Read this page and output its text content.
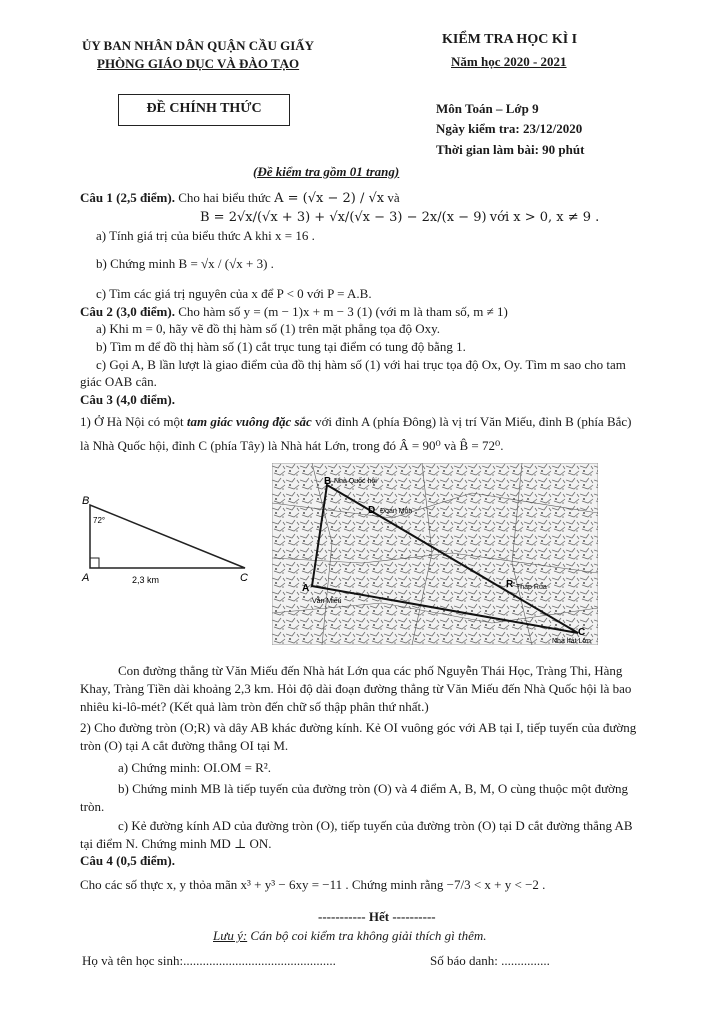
ỦY BAN NHÂN DÂN QUẬN CẦU GIẤY
PHÒNG GIÁO DỤC VÀ ĐÀO TẠO
KIỂM TRA HỌC KÌ I
Năm học 2020 - 2021
ĐỀ CHÍNH THỨC	Môn Toán – Lớp 9
Ngày kiểm tra: 23/12/2020
Thời gian làm bài: 90 phút
(Đề kiểm tra gồm 01 trang)
Câu 1 (2,5 điểm). Cho hai biểu thức A = (√x − 2) / √x và
B = 2√x/(√x + 3) + √x/(√x − 3) − 2x/(x − 9) với x > 0, x ≠ 9 .
a) Tính giá trị của biểu thức A khi x = 16 .
b) Chứng minh B = √x / (√x + 3) .
c) Tìm các giá trị nguyên của x để P < 0 với P = A.B.
Câu 2 (3,0 điểm). Cho hàm số y = (m − 1)x + m − 3 (1) (với m là tham số, m ≠ 1)
a) Khi m = 0, hãy vẽ đồ thị hàm số (1) trên mặt phẳng tọa độ Oxy.
b) Tìm m để đồ thị hàm số (1) cắt trục tung tại điểm có tung độ bằng 1.
c) Gọi A, B lần lượt là giao điểm của đồ thị hàm số (1) với hai trục tọa độ Ox, Oy. Tìm m sao cho tam giác OAB cân.
Câu 3 (4,0 điểm).
1) Ở Hà Nội có một tam giác vuông đặc sắc với đỉnh A (phía Đông) là vị trí Văn Miếu, đỉnh B (phía Bắc) là Nhà Quốc hội, đỉnh C (phía Tây) là Nhà hát Lớn, trong đó Â = 90⁰ và B̂ = 72⁰.
B
72°
A	C
2,3 km
B Nhà Quốc hội
D Đoan Môn
R Tháp Rùa
A
Văn Miếu
C
Nhà hát Lớn
Con đường thẳng từ Văn Miếu đến Nhà hát Lớn qua các phố Nguyễn Thái Học, Tràng Thi, Hàng Khay, Tràng Tiền dài khoảng 2,3 km. Hỏi độ dài đoạn đường thẳng từ Văn Miếu đến Nhà Quốc hội là bao nhiêu ki-lô-mét? (Kết quả làm tròn đến chữ số thập phân thứ nhất.)
2) Cho đường tròn (O;R) và dây AB khác đường kính. Kẻ OI vuông góc với AB tại I, tiếp tuyến của đường tròn (O) tại A cắt đường thẳng OI tại M.
a) Chứng minh: OI.OM = R².
b) Chứng minh MB là tiếp tuyến của đường tròn (O) và 4 điểm A, B, M, O cùng thuộc một đường tròn.
c) Kẻ đường kính AD của đường tròn (O), tiếp tuyến của đường tròn (O) tại D cắt đường thẳng AB tại điểm N. Chứng minh MD ⊥ ON.
Câu 4 (0,5 điểm).
Cho các số thực x, y thỏa mãn x³ + y³ − 6xy = −11 . Chứng minh rằng −7/3 < x + y < −2 .
----------- Hết ----------
Lưu ý: Cán bộ coi kiểm tra không giải thích gì thêm.
Họ và tên học sinh:...............................................	Số báo danh: ...............
